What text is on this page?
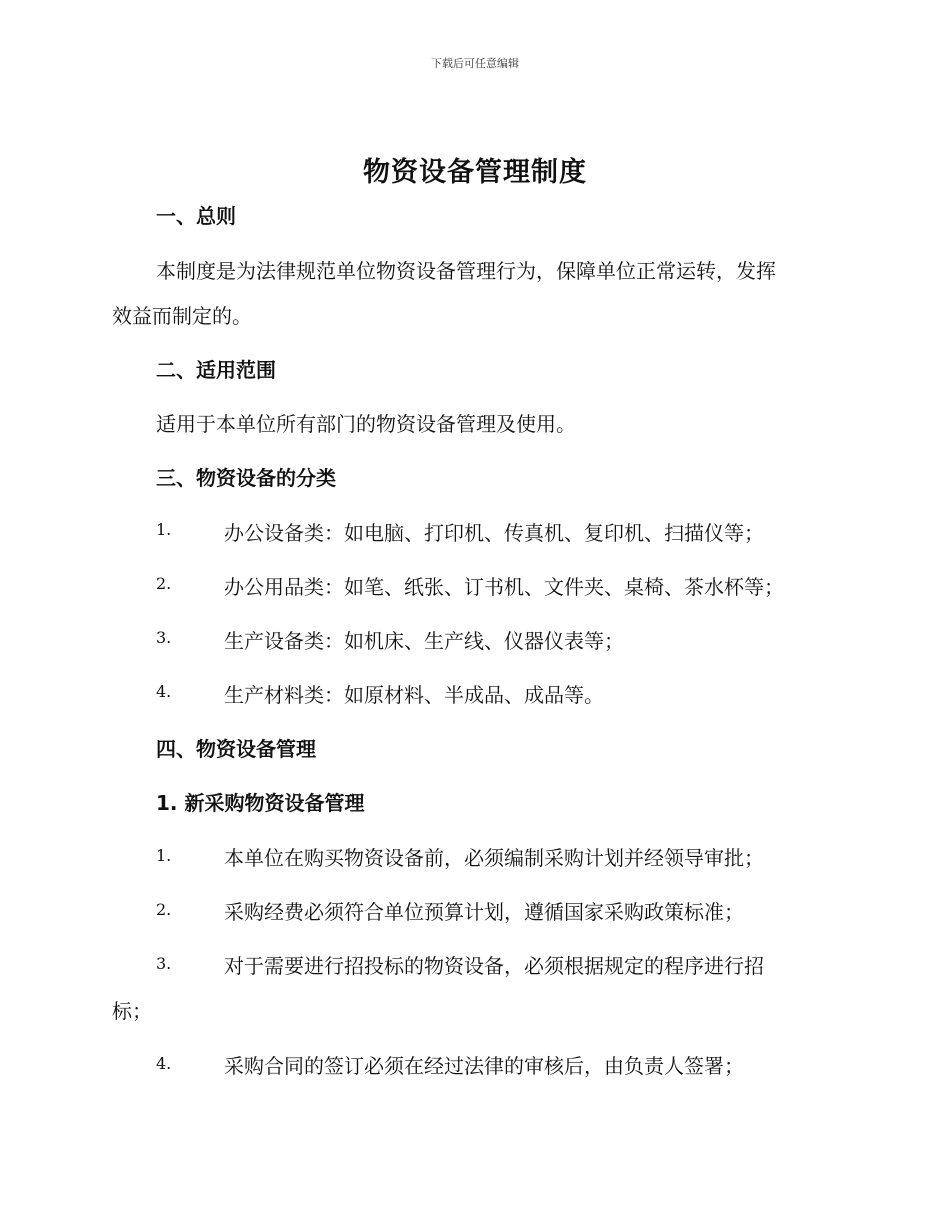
下载后可任意编辑
物资设备管理制度
一、总则
本制度是为法律规范单位物资设备管理行为，保障单位正常运转，发挥
效益而制定的。
二、适用范围
适用于本单位所有部门的物资设备管理及使用。
三、物资设备的分类
1.	办公设备类：如电脑、打印机、传真机、复印机、扫描仪等；
2.	办公用品类：如笔、纸张、订书机、文件夹、桌椅、茶水杯等；
3.	生产设备类：如机床、生产线、仪器仪表等；
4.	生产材料类：如原材料、半成品、成品等。
四、物资设备管理
1. 新采购物资设备管理
1.	本单位在购买物资设备前，必须编制采购计划并经领导审批；
2.	采购经费必须符合单位预算计划，遵循国家采购政策标准；
3.	对于需要进行招投标的物资设备，必须根据规定的程序进行招
标；
4.	采购合同的签订必须在经过法律的审核后，由负责人签署；
